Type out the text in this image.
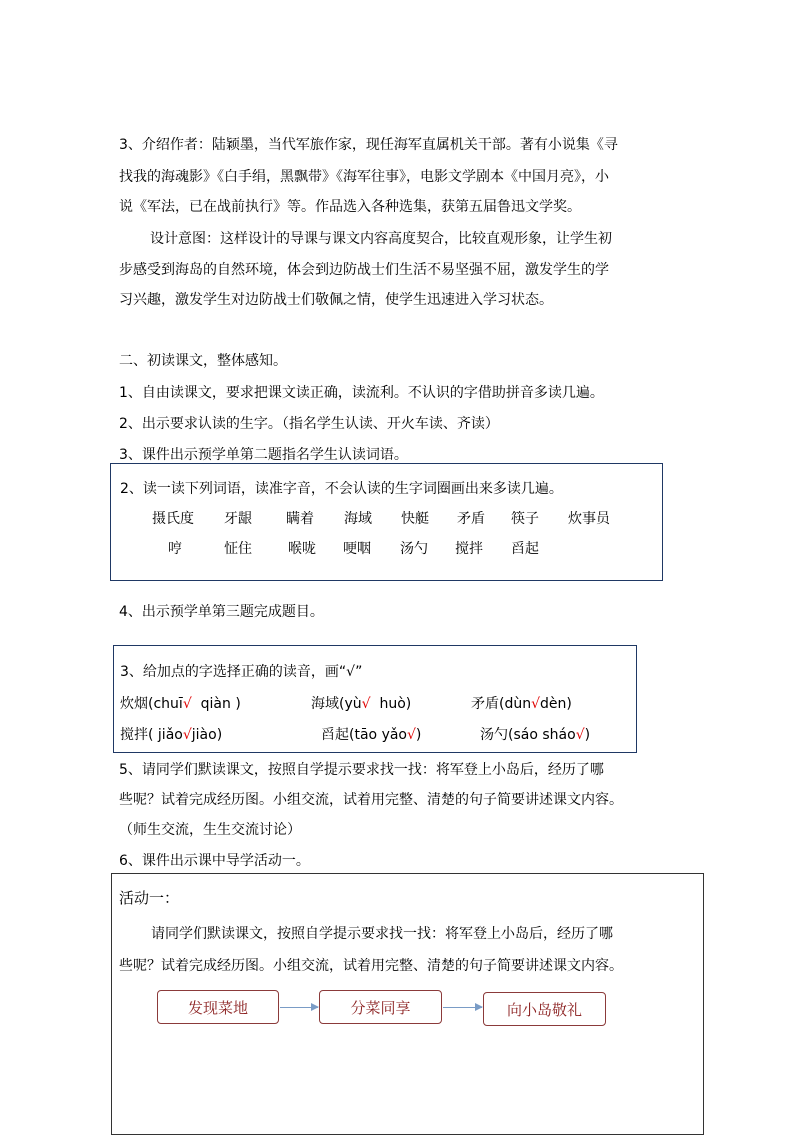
3、介绍作者：陆颖墨，当代军旅作家，现任海军直属机关干部。著有小说集《寻
找我的海魂影》《白手绢，黑飘带》《海军往事》，电影文学剧本《中国月亮》，小
说《军法，已在战前执行》等。作品选入各种选集，获第五届鲁迅文学奖。
设计意图：这样设计的导课与课文内容高度契合，比较直观形象，让学生初
步感受到海岛的自然环境，体会到边防战士们生活不易坚强不屈，激发学生的学
习兴趣，激发学生对边防战士们敬佩之情，使学生迅速进入学习状态。
二、初读课文，整体感知。
1、自由读课文，要求把课文读正确，读流利。不认识的字借助拼音多读几遍。
2、出示要求认读的生字。（指名学生认读、开火车读、齐读）
3、课件出示预学单第二题指名学生认读词语。
2、读一读下列词语，读准字音，不会认读的生字词圈画出来多读几遍。
摄氏度 牙龈 瞒着 海域 快艇 矛盾 筷子 炊事员
哼	怔住	喉咙 哽咽 汤勺 搅拌 舀起
4、出示预学单第三题完成题目。
3、给加点的字选择正确的读音，画“√”
炊烟(chuī√ qiàn )	海域(yù√ huò)	矛盾(dùn√dèn)
搅拌( jiǎo√jiào)	舀起(tāo yǎo√)	汤勺(sáo sháo√)
5、请同学们默读课文，按照自学提示要求找一找：将军登上小岛后，经历了哪
些呢？试着完成经历图。小组交流，试着用完整、清楚的句子简要讲述课文内容。
（师生交流，生生交流讨论）
6、课件出示课中导学活动一。
活动一：
请同学们默读课文，按照自学提示要求找一找：将军登上小岛后，经历了哪
些呢？试着完成经历图。小组交流，试着用完整、清楚的句子简要讲述课文内容。
发现菜地	分菜同享	向小岛敬礼
